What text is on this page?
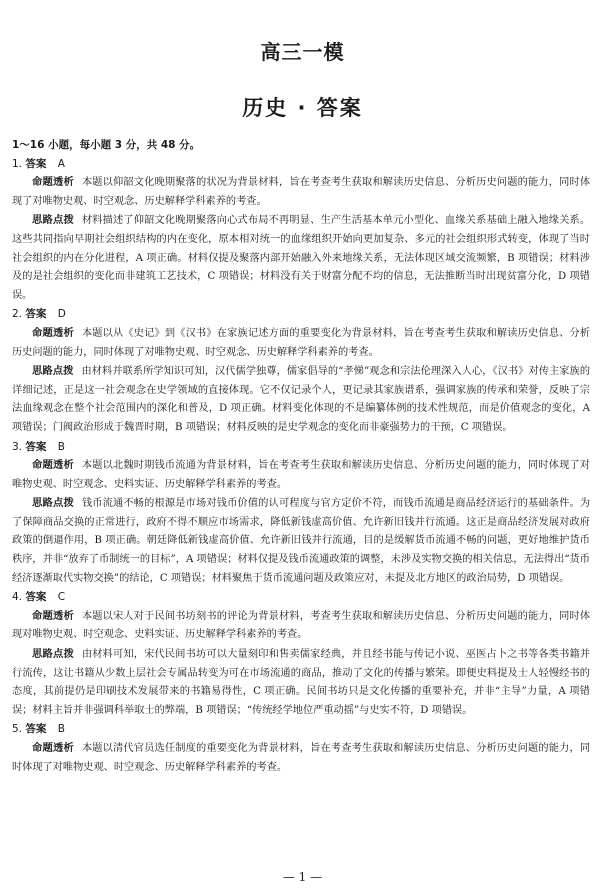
高三一模
历史 · 答案
1～16 小题，每小题 3 分，共 48 分。
1. 答案 A
命题透析 本题以仰韶文化晚期聚落的状况为背景材料，旨在考查考生获取和解读历史信息、分析历史问题的能力，同时体现了对唯物史观、时空观念、历史解释学科素养的考查。
思路点拨 材料描述了仰韶文化晚期聚落向心式布局不再明显、生产生活基本单元小型化、血缘关系基础上融入地缘关系。这些共同指向早期社会组织结构的内在变化，原本相对统一的血缘组织开始向更加复杂、多元的社会组织形式转变，体现了当时社会组织的内在分化进程，A 项正确。材料仅提及聚落内部开始融入外来地缘关系，无法体现区域交流频繁，B 项错误；材料涉及的是社会组织的变化而非建筑工艺技术，C 项错误；材料没有关于财富分配不均的信息，无法推断当时出现贫富分化，D 项错误。
2. 答案 D
命题透析 本题以从《史记》到《汉书》在家族记述方面的重要变化为背景材料，旨在考查考生获取和解读历史信息、分析历史问题的能力，同时体现了对唯物史观、时空观念、历史解释学科素养的考查。
思路点拨 由材料并联系所学知识可知，汉代儒学独尊，儒家倡导的“孝悌”观念和宗法伦理深入人心，《汉书》对传主家族的详细记述，正是这一社会观念在史学领域的直接体现。它不仅记录个人，更记录其家族谱系，强调家族的传承和荣誉，反映了宗法血缘观念在整个社会范围内的深化和普及，D 项正确。材料变化体现的不是编纂体例的技术性规范，而是价值观念的变化，A 项错误；门阀政治形成于魏晋时期，B 项错误；材料反映的是史学观念的变化而非豪强势力的干预，C 项错误。
3. 答案 B
命题透析 本题以北魏时期钱币流通为背景材料，旨在考查考生获取和解读历史信息、分析历史问题的能力，同时体现了对唯物史观、时空观念、史料实证、历史解释学科素养的考查。
思路点拨 钱币流通不畅的根源是市场对钱币价值的认可程度与官方定价不符，而钱币流通是商品经济运行的基础条件。为了保障商品交换的正常进行，政府不得不顺应市场需求，降低新钱虚高价值、允许新旧钱并行流通。这正是商品经济发展对政府政策的倒逼作用，B 项正确。朝廷降低新钱虚高价值、允许新旧钱并行流通，目的是缓解货币流通不畅的问题，更好地维护货币秩序，并非“放弃了币制统一的目标”，A 项错误；材料仅提及钱币流通政策的调整，未涉及实物交换的相关信息，无法得出“货币经济逐渐取代实物交换”的结论，C 项错误；材料聚焦于货币流通问题及政策应对，未提及北方地区的政治局势，D 项错误。
4. 答案 C
命题透析 本题以宋人对于民间书坊刻书的评论为背景材料，考查考生获取和解读历史信息、分析历史问题的能力，同时体现对唯物史观、时空观念、史料实证、历史解释学科素养的考查。
思路点拨 由材料可知，宋代民间书坊可以大量刻印和售卖儒家经典，并且经书能与传记小说、巫医占卜之书等各类书籍并行流传，这让书籍从少数上层社会专属品转变为可在市场流通的商品，推动了文化的传播与繁荣。即便史料提及士人轻慢经书的态度，其前提仍是印刷技术发展带来的书籍易得性，C 项正确。民间书坊只是文化传播的重要补充，并非“主导”力量，A 项错误；材料主旨并非强调科举取士的弊端，B 项错误；“传统经学地位严重动摇”与史实不符，D 项错误。
5. 答案 B
命题透析 本题以清代官员选任制度的重要变化为背景材料，旨在考查考生获取和解读历史信息、分析历史问题的能力，同时体现了对唯物史观、时空观念、历史解释学科素养的考查。
— 1 —
